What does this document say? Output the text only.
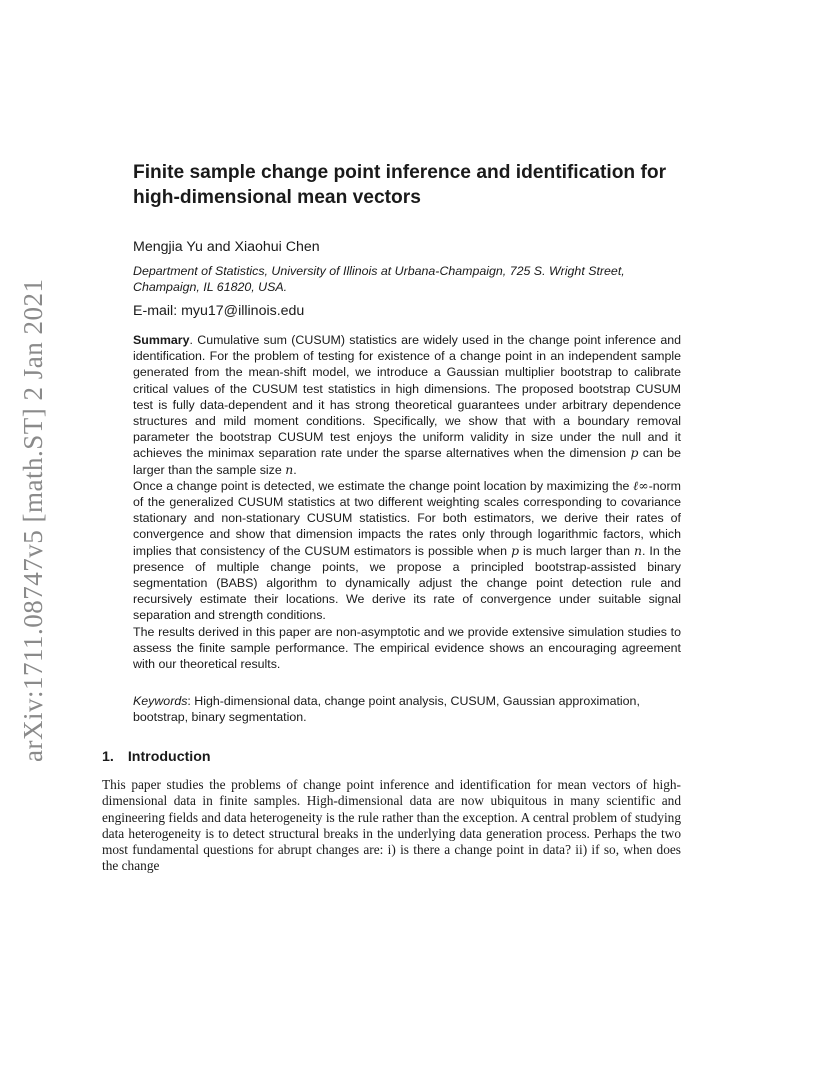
arXiv:1711.08747v5 [math.ST] 2 Jan 2021
Finite sample change point inference and identification for high-dimensional mean vectors
Mengjia Yu and Xiaohui Chen
Department of Statistics, University of Illinois at Urbana-Champaign, 725 S. Wright Street, Champaign, IL 61820, USA.
E-mail: myu17@illinois.edu

Summary. Cumulative sum (CUSUM) statistics are widely used in the change point inference and identification. For the problem of testing for existence of a change point in an independent sample generated from the mean-shift model, we introduce a Gaussian multiplier bootstrap to calibrate critical values of the CUSUM test statistics in high dimensions. The proposed bootstrap CUSUM test is fully data-dependent and it has strong theoretical guarantees under arbitrary dependence structures and mild moment conditions. Specifically, we show that with a boundary removal parameter the bootstrap CUSUM test enjoys the uniform validity in size under the null and it achieves the minimax separation rate under the sparse alternatives when the dimension p can be larger than the sample size n.

Once a change point is detected, we estimate the change point location by maximizing the ℓ∞-norm of the generalized CUSUM statistics at two different weighting scales corresponding to covariance stationary and non-stationary CUSUM statistics. For both estimators, we derive their rates of convergence and show that dimension impacts the rates only through logarithmic factors, which implies that consistency of the CUSUM estimators is possible when p is much larger than n. In the presence of multiple change points, we propose a principled bootstrap-assisted binary segmentation (BABS) algorithm to dynamically adjust the change point detection rule and recursively estimate their locations. We derive its rate of convergence under suitable signal separation and strength conditions.

The results derived in this paper are non-asymptotic and we provide extensive simulation studies to assess the finite sample performance. The empirical evidence shows an encouraging agreement with our theoretical results.

Keywords: High-dimensional data, change point analysis, CUSUM, Gaussian approximation, bootstrap, binary segmentation.
1. Introduction

This paper studies the problems of change point inference and identification for mean vectors of high-dimensional data in finite samples. High-dimensional data are now ubiquitous in many scientific and engineering fields and data heterogeneity is the rule rather than the exception. A central problem of studying data heterogeneity is to detect structural breaks in the underlying data generation process. Perhaps the two most fundamental questions for abrupt changes are: i) is there a change point in data? ii) if so, when does the change
